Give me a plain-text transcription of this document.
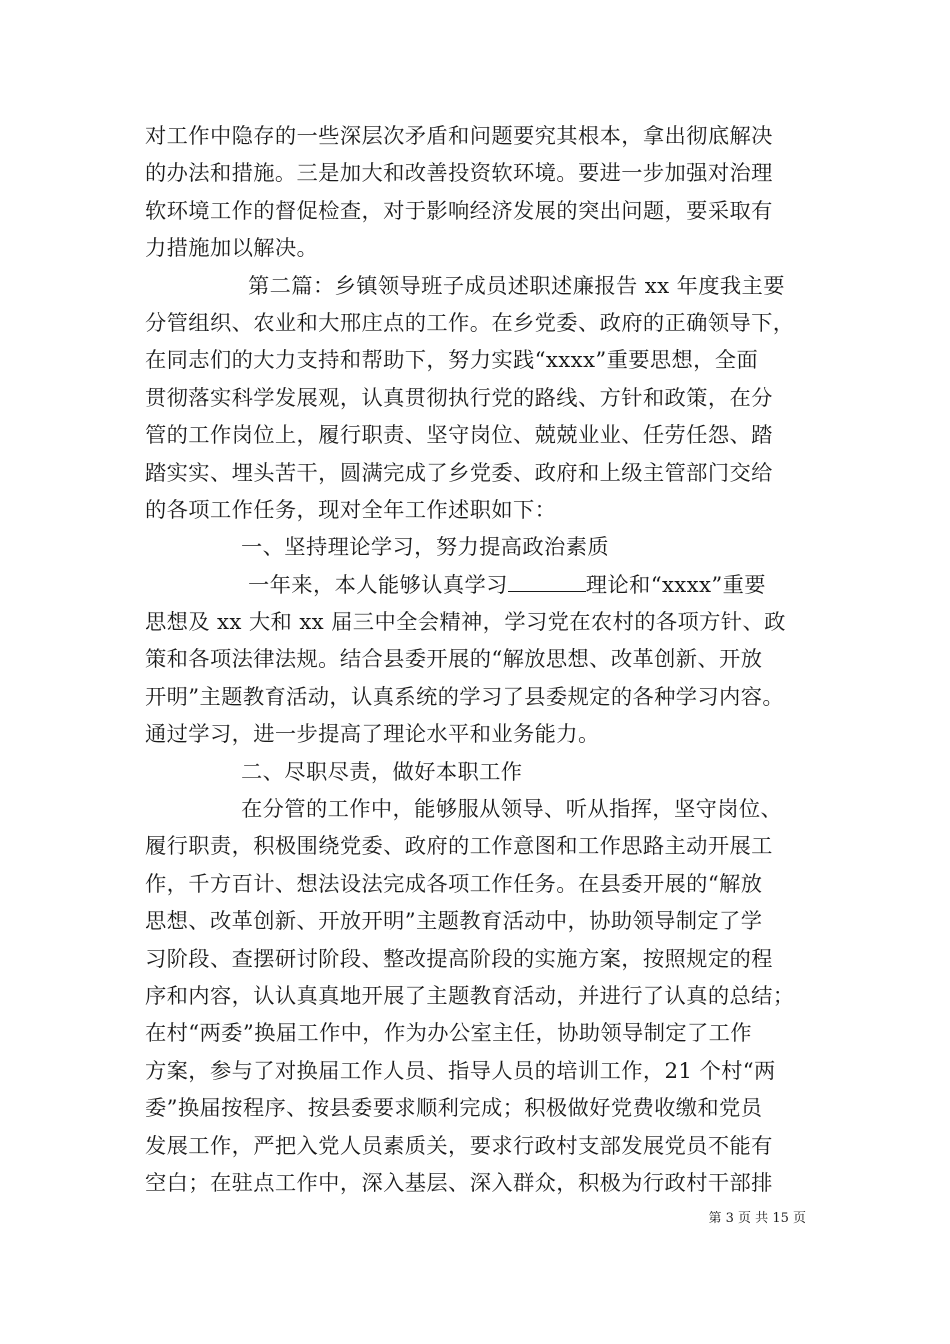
对工作中隐存的一些深层次矛盾和问题要究其根本，拿出彻底解决
的办法和措施。三是加大和改善投资软环境。要进一步加强对治理
软环境工作的督促检查，对于影响经济发展的突出问题，要采取有
力措施加以解决。
第二篇：乡镇领导班子成员述职述廉报告 xx 年度我主要
分管组织、农业和大邢庄点的工作。在乡党委、政府的正确领导下，
在同志们的大力支持和帮助下，努力实践“xxxx”重要思想，全面
贯彻落实科学发展观，认真贯彻执行党的路线、方针和政策，在分
管的工作岗位上，履行职责、坚守岗位、兢兢业业、任劳任怨、踏
踏实实、埋头苦干，圆满完成了乡党委、政府和上级主管部门交给
的各项工作任务，现对全年工作述职如下：
一、坚持理论学习，努力提高政治素质
一年来，本人能够认真学习	理论和“xxxx”重要
思想及 xx 大和 xx 届三中全会精神，学习党在农村的各项方针、政
策和各项法律法规。结合县委开展的“解放思想、改革创新、开放
开明”主题教育活动，认真系统的学习了县委规定的各种学习内容。
通过学习，进一步提高了理论水平和业务能力。
二、尽职尽责，做好本职工作
在分管的工作中，能够服从领导、听从指挥，坚守岗位、
履行职责，积极围绕党委、政府的工作意图和工作思路主动开展工
作，千方百计、想法设法完成各项工作任务。在县委开展的“解放
思想、改革创新、开放开明”主题教育活动中，协助领导制定了学
习阶段、查摆研讨阶段、整改提高阶段的实施方案，按照规定的程
序和内容，认认真真地开展了主题教育活动，并进行了认真的总结；
在村“两委”换届工作中，作为办公室主任，协助领导制定了工作
方案，参与了对换届工作人员、指导人员的培训工作，21 个村“两
委”换届按程序、按县委要求顺利完成；积极做好党费收缴和党员
发展工作，严把入党人员素质关，要求行政村支部发展党员不能有
空白；在驻点工作中，深入基层、深入群众，积极为行政村干部排
第 3 页 共 15 页
